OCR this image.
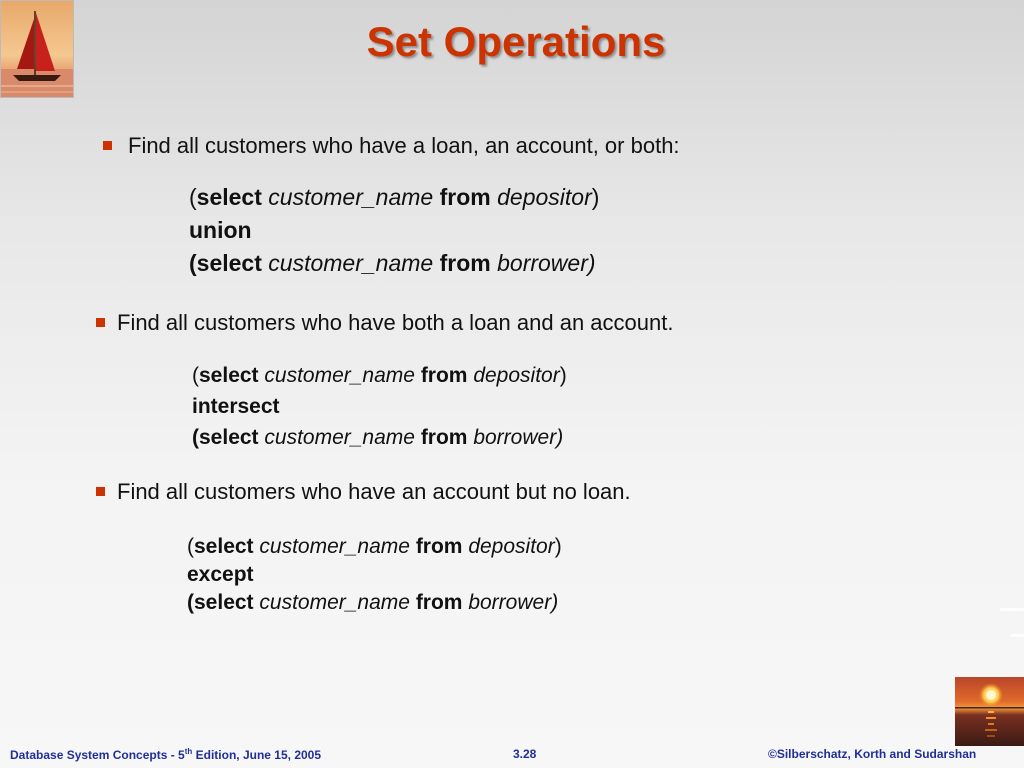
Set Operations
Find all customers who have a loan, an account, or both:
(select customer_name from depositor)
union
(select customer_name from borrower)
Find all customers who have both a loan and an account.
(select customer_name from depositor)
intersect
(select customer_name from borrower)
Find all customers who have an account but no loan.
(select customer_name from depositor)
except
(select customer_name from borrower)
Database System Concepts - 5th Edition, June 15, 2005	3.28	©Silberschatz, Korth and Sudarshan
